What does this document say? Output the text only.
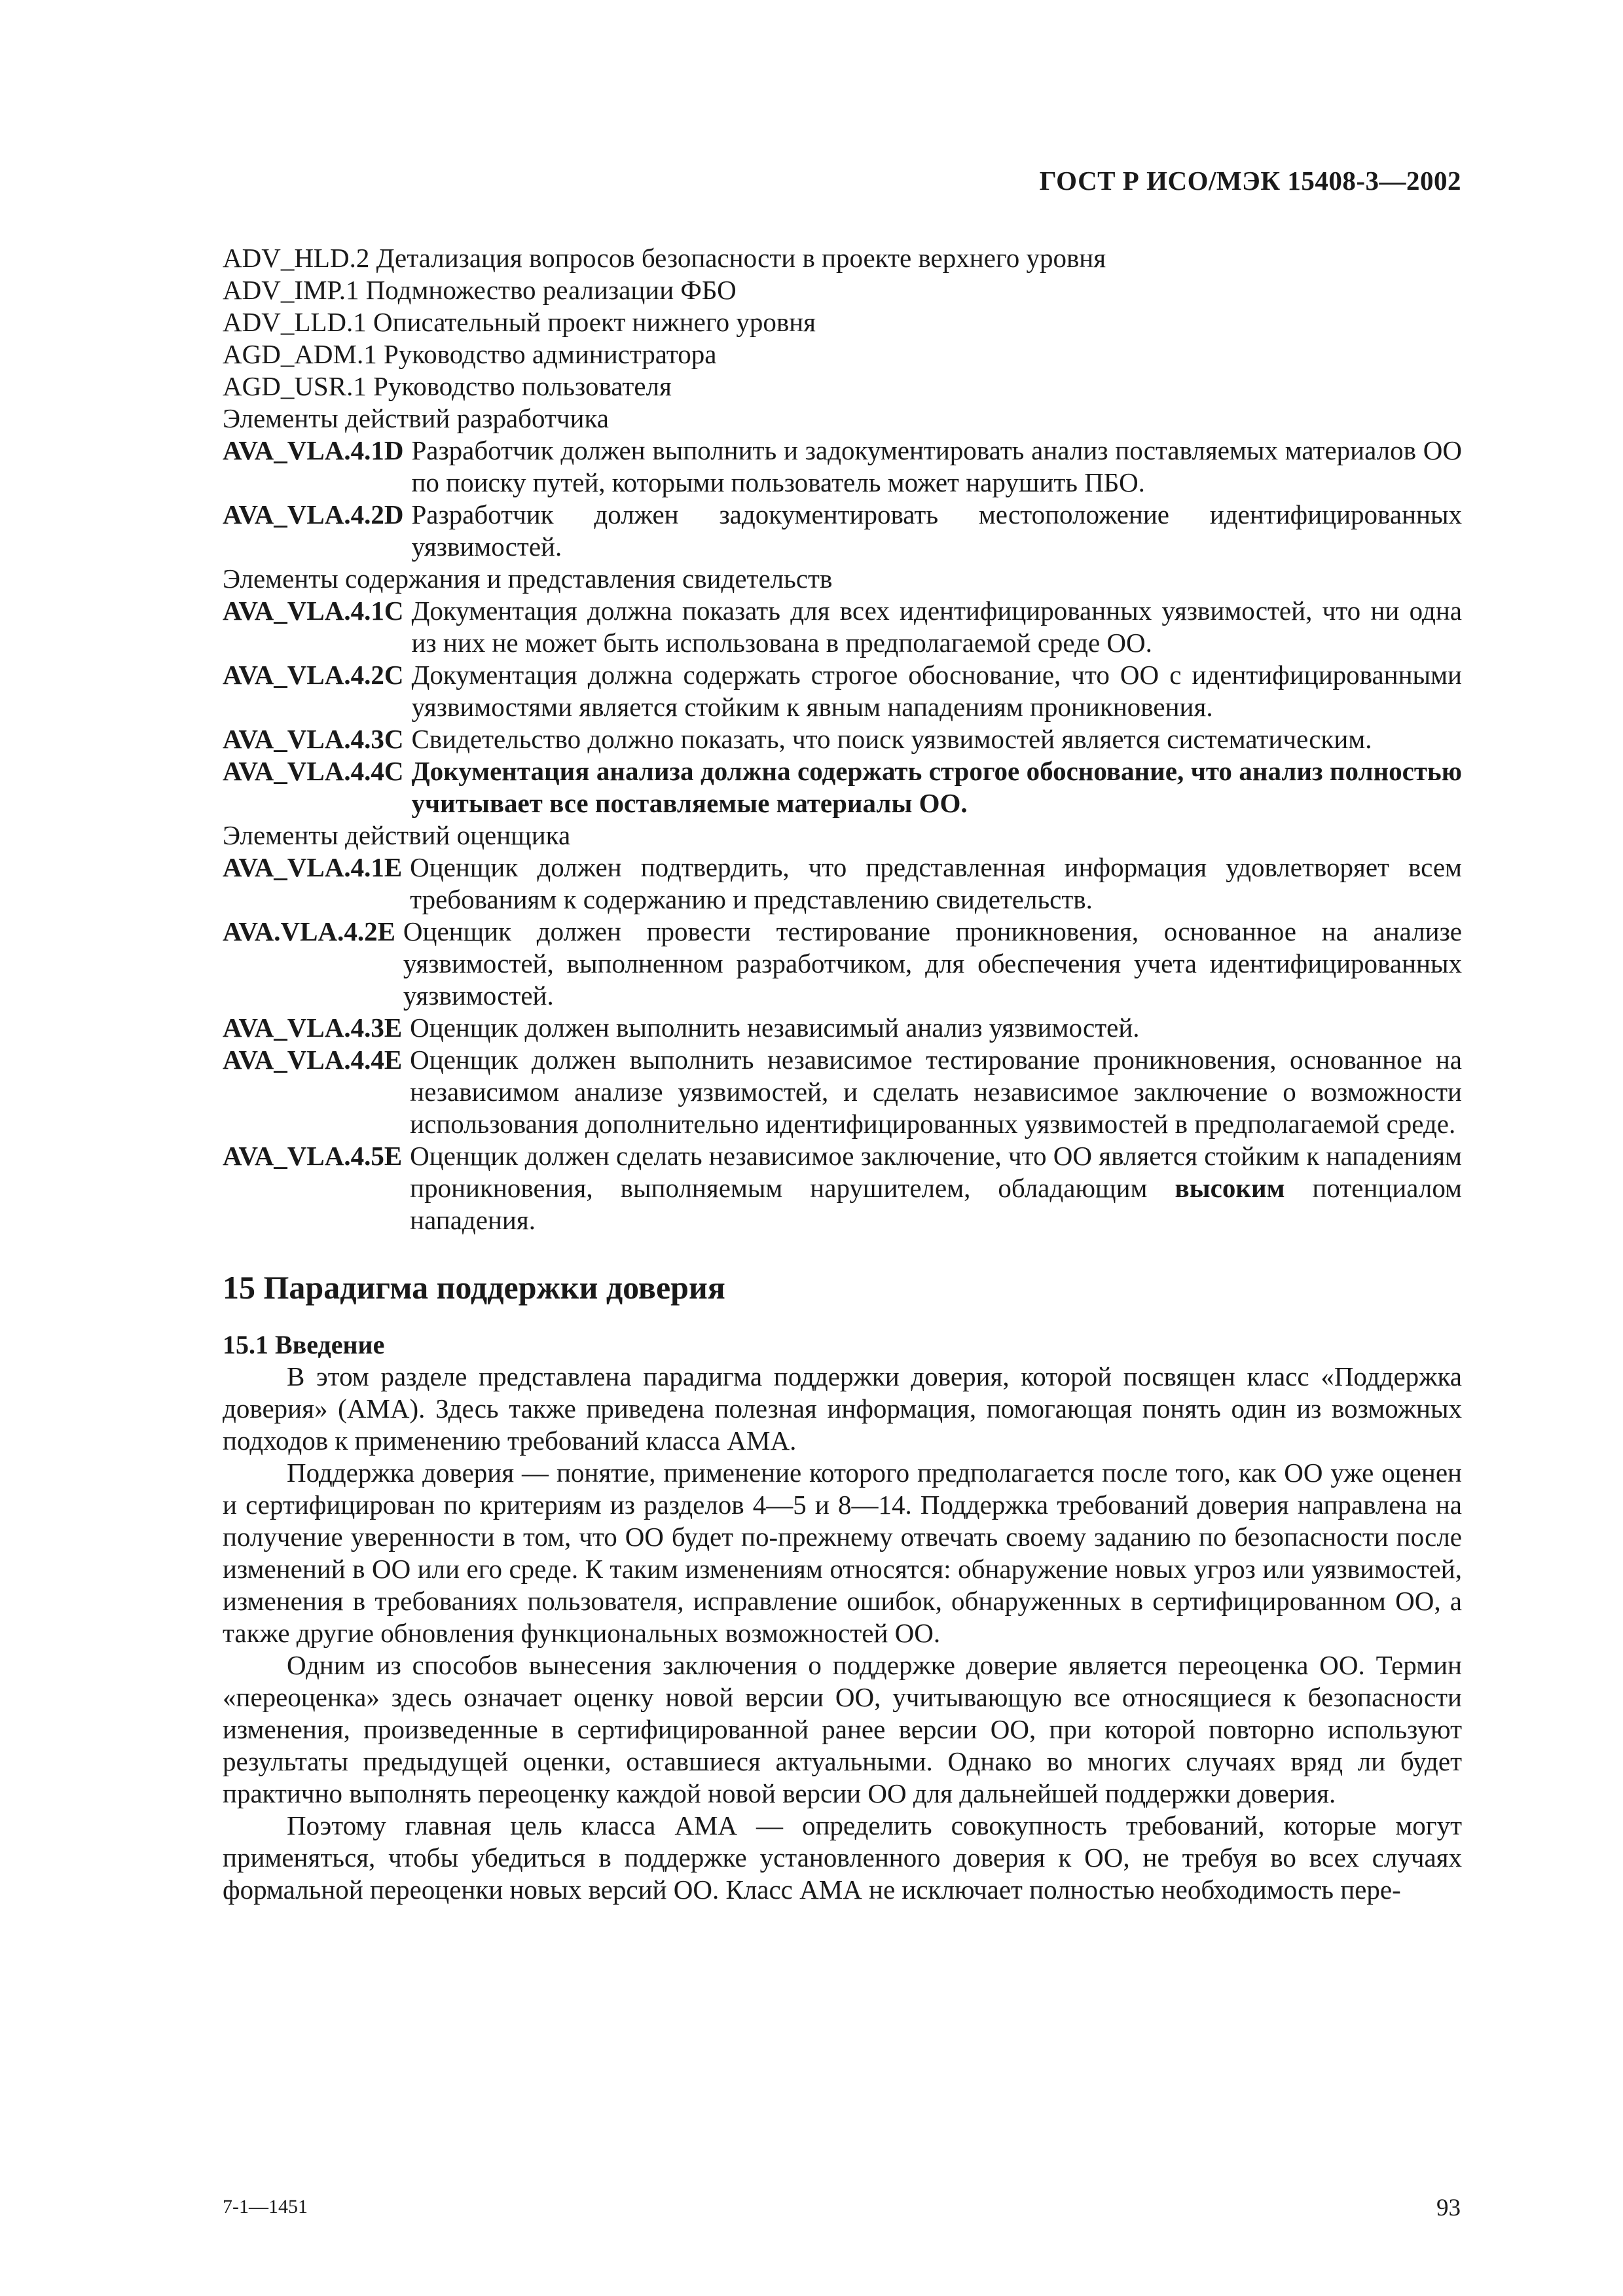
ГОСТ Р ИСО/МЭК 15408-3—2002
ADV_HLD.2 Детализация вопросов безопасности в проекте верхнего уровня
ADV_IMP.1 Подмножество реализации ФБО
ADV_LLD.1 Описательный проект нижнего уровня
AGD_ADM.1 Руководство администратора
AGD_USR.1 Руководство пользователя
Элементы действий разработчика
AVA_VLA.4.1D Разработчик должен выполнить и задокументировать анализ поставляемых материалов ОО по поиску путей, которыми пользователь может нарушить ПБО.
AVA_VLA.4.2D Разработчик должен задокументировать местоположение идентифицированных уязвимостей.
Элементы содержания и представления свидетельств
AVA_VLA.4.1C Документация должна показать для всех идентифицированных уязвимостей, что ни одна из них не может быть использована в предполагаемой среде ОО.
AVA_VLA.4.2C Документация должна содержать строгое обоснование, что ОО с идентифицированными уязвимостями является стойким к явным нападениям проникновения.
AVA_VLA.4.3C Свидетельство должно показать, что поиск уязвимостей является систематическим.
AVA_VLA.4.4C Документация анализа должна содержать строгое обоснование, что анализ полностью учитывает все поставляемые материалы ОО.
Элементы действий оценщика
AVA_VLA.4.1E Оценщик должен подтвердить, что представленная информация удовлетворяет всем требованиям к содержанию и представлению свидетельств.
AVA.VLA.4.2E Оценщик должен провести тестирование проникновения, основанное на анализе уязвимостей, выполненном разработчиком, для обеспечения учета идентифицированных уязвимостей.
AVA_VLA.4.3E Оценщик должен выполнить независимый анализ уязвимостей.
AVA_VLA.4.4E Оценщик должен выполнить независимое тестирование проникновения, основанное на независимом анализе уязвимостей, и сделать независимое заключение о возможности использования дополнительно идентифицированных уязвимостей в предполагаемой среде.
AVA_VLA.4.5E Оценщик должен сделать независимое заключение, что ОО является стойким к нападениям проникновения, выполняемым нарушителем, обладающим высоким потенциалом нападения.
15 Парадигма поддержки доверия
15.1 Введение

В этом разделе представлена парадигма поддержки доверия, которой посвящен класс «Поддержка доверия» (АМА). Здесь также приведена полезная информация, помогающая понять один из возможных подходов к применению требований класса АМА.

Поддержка доверия — понятие, применение которого предполагается после того, как ОО уже оценен и сертифицирован по критериям из разделов 4—5 и 8—14. Поддержка требований доверия направлена на получение уверенности в том, что ОО будет по-прежнему отвечать своему заданию по безопасности после изменений в ОО или его среде. К таким изменениям относятся: обнаружение новых угроз или уязвимостей, изменения в требованиях пользователя, исправление ошибок, обнаруженных в сертифицированном ОО, а также другие обновления функциональных возможностей ОО.

Одним из способов вынесения заключения о поддержке доверие является переоценка ОО. Термин «переоценка» здесь означает оценку новой версии ОО, учитывающую все относящиеся к безопасности изменения, произведенные в сертифицированной ранее версии ОО, при которой повторно используют результаты предыдущей оценки, оставшиеся актуальными. Однако во многих случаях вряд ли будет практично выполнять переоценку каждой новой версии ОО для дальнейшей поддержки доверия.

Поэтому главная цель класса АМА — определить совокупность требований, которые могут применяться, чтобы убедиться в поддержке установленного доверия к ОО, не требуя во всех случаях формальной переоценки новых версий ОО. Класс АМА не исключает полностью необходимость пере-

7-1—1451	93
